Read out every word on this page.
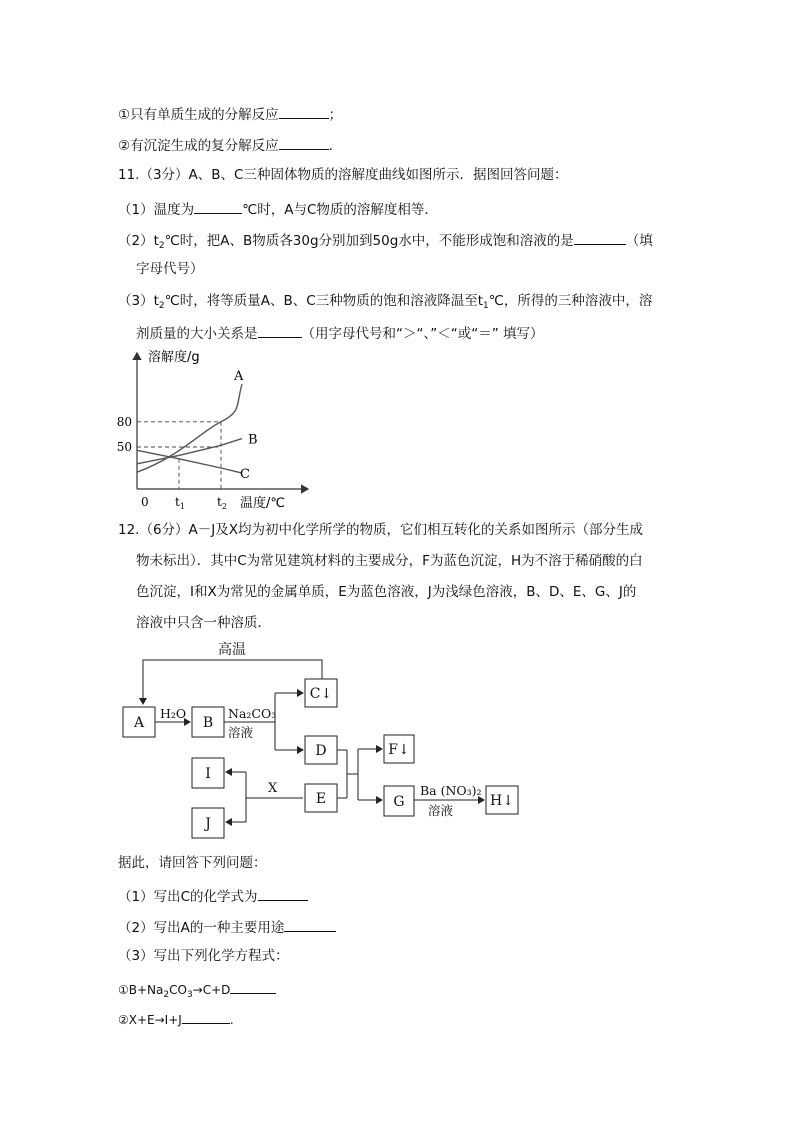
①只有单质生成的分解反应	；
②有沉淀生成的复分解反应	.
11.（3分）A、B、C三种固体物质的溶解度曲线如图所示．据图回答问题：
（1）温度为	℃时，A与C物质的溶解度相等．
$(2)t_2℃$时，把A、B物质各30g分别加到50g水中，不能形成饱和溶液的是	（填
字母代号）
$(3)t_2℃$时，将等质量A、B、C三种物质的饱和溶液降温至$t_1℃$，所得的三种溶液中，溶
剂质量的大小关系是	（用字母代号和“＞“、”＜“或“＝” 填写）
溶解度/g
温度/℃
A
B
C
80
50
0 $t_1$	$t_2$
12.（6分）A－J及X均为初中化学所学的物质，它们相互转化的关系如图所示（部分生成
物未标出）．其中C为常见建筑材料的主要成分，F为蓝色沉淀，H为不溶于稀硝酸的白
色沉淀，I和X为常见的金属单质，E为蓝色溶液，J为浅绿色溶液，B、D、E、G、J的
溶液中只含一种溶质．
A	B
C↓
D
E
F↓
G	H↓
I
J
高温
H₂O	Na₂CO₃
溶液
X	Ba (NO₃)₂
溶液
据此，请回答下列问题：
（1）写出C的化学式为
（2）写出A的一种主要用途
（3）写出下列化学方程式：
$①B+Na_2CO_3\to C+D$
②X+E→I+J	.
